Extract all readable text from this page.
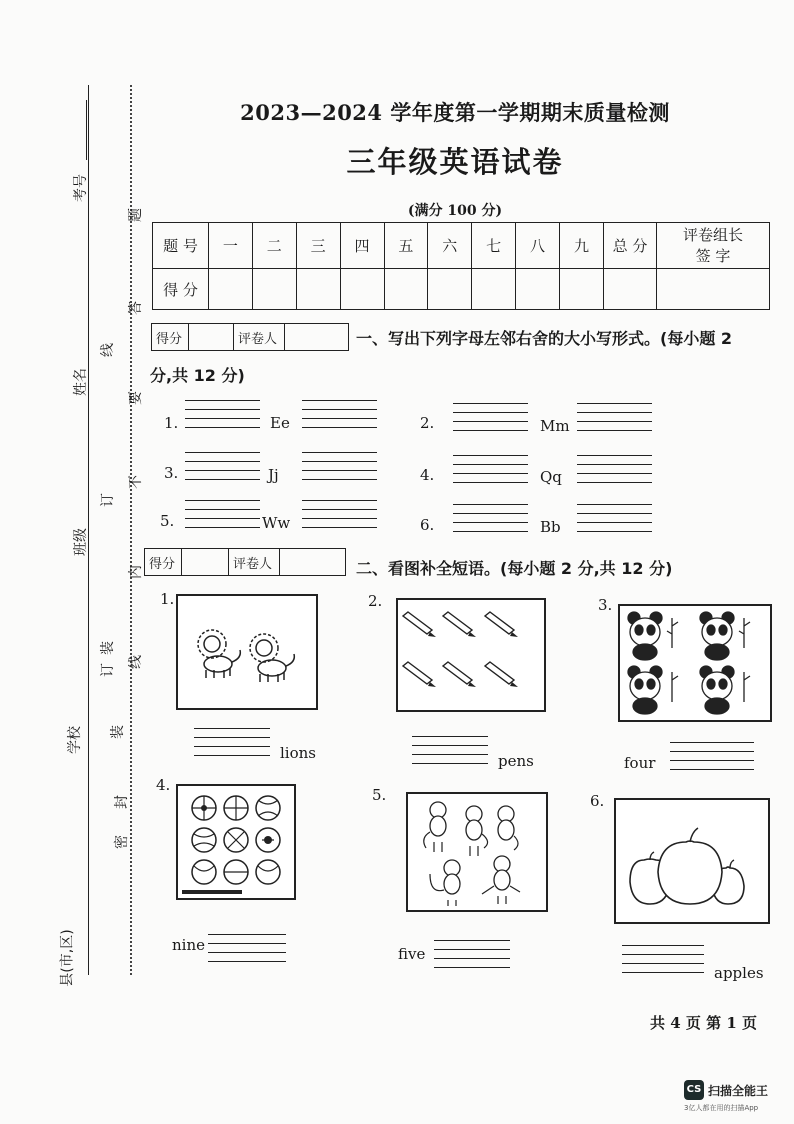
考号
姓名
班级
学校
县(市,区)
题
答
要
不
内
线
订
装
封
密
线
订
装
2023—2024 学年度第一学期期末质量检测
三年级英语试卷
(满分 100 分)
题 号	一	二	三	四	五	六	七	八	九	总 分	评卷组长
签 字

得 分											
得分		评卷人		一、写出下列字母左邻右舍的大小写形式。(每小题 2
分,共 12 分)
1.	Ee	2.	Mm
3.	Jj	4.	Qq
5.	Ww	6.	Bb
得分		评卷人		二、看图补全短语。(每小题 2 分,共 12 分)
1.
lions
2.
pens
3.
four
4.
nine
5.
five
6.
apples
共 4 页 第 1 页
CS 扫描全能王
3亿人都在用的扫描App
